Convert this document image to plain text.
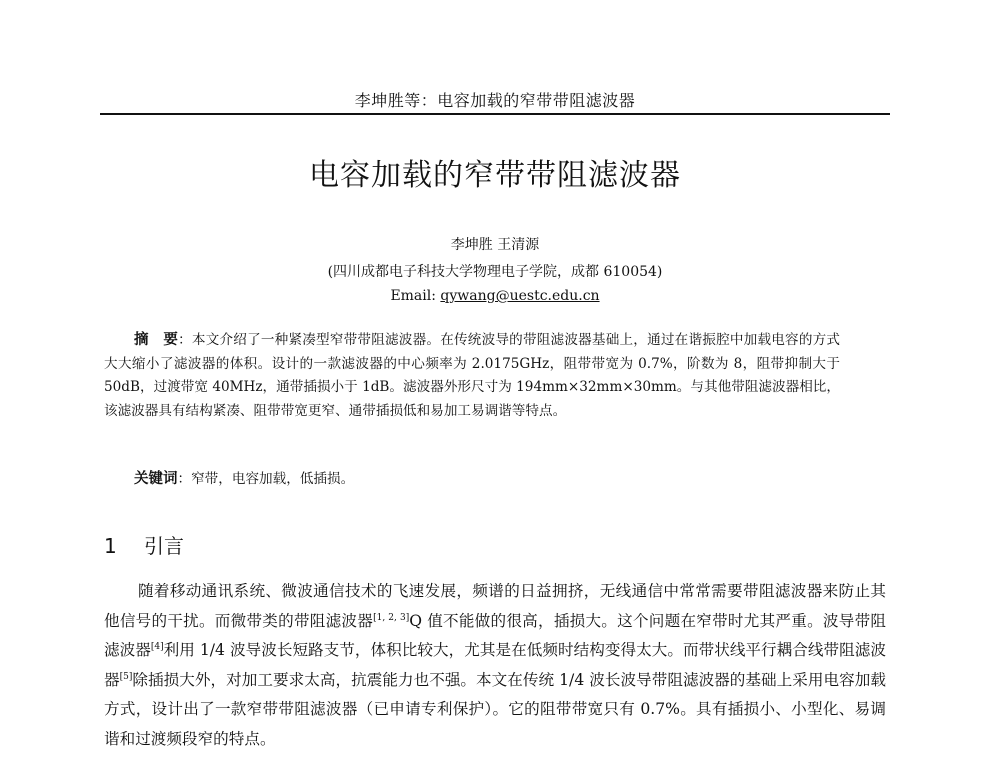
李坤胜等：电容加载的窄带带阻滤波器
电容加载的窄带带阻滤波器
李坤胜 王清源
(四川成都电子科技大学物理电子学院，成都 610054)
Email: qywang@uestc.edu.cn
摘　要：本文介绍了一种紧凑型窄带带阻滤波器。在传统波导的带阻滤波器基础上，通过在谐振腔中加载电容的方式大大缩小了滤波器的体积。设计的一款滤波器的中心频率为 2.0175GHz，阻带带宽为 0.7%，阶数为 8，阻带抑制大于 50dB，过渡带宽 40MHz，通带插损小于 1dB。滤波器外形尺寸为 194mm×32mm×30mm。与其他带阻滤波器相比，该滤波器具有结构紧凑、阻带带宽更窄、通带插损低和易加工易调谐等特点。
关键词：窄带，电容加载，低插损。
1 引言
随着移动通讯系统、微波通信技术的飞速发展，频谱的日益拥挤，无线通信中常常需要带阻滤波器来防止其他信号的干扰。而微带类的带阻滤波器[1, 2, 3]Q 值不能做的很高，插损大。这个问题在窄带时尤其严重。波导带阻滤波器[4]利用 1/4 波导波长短路支节，体积比较大，尤其是在低频时结构变得太大。而带状线平行耦合线带阻滤波器[5]除插损大外，对加工要求太高，抗震能力也不强。本文在传统 1/4 波长波导带阻滤波器的基础上采用电容加载方式，设计出了一款窄带带阻滤波器（已申请专利保护）。它的阻带带宽只有 0.7%。具有插损小、小型化、易调谐和过渡频段窄的特点。
